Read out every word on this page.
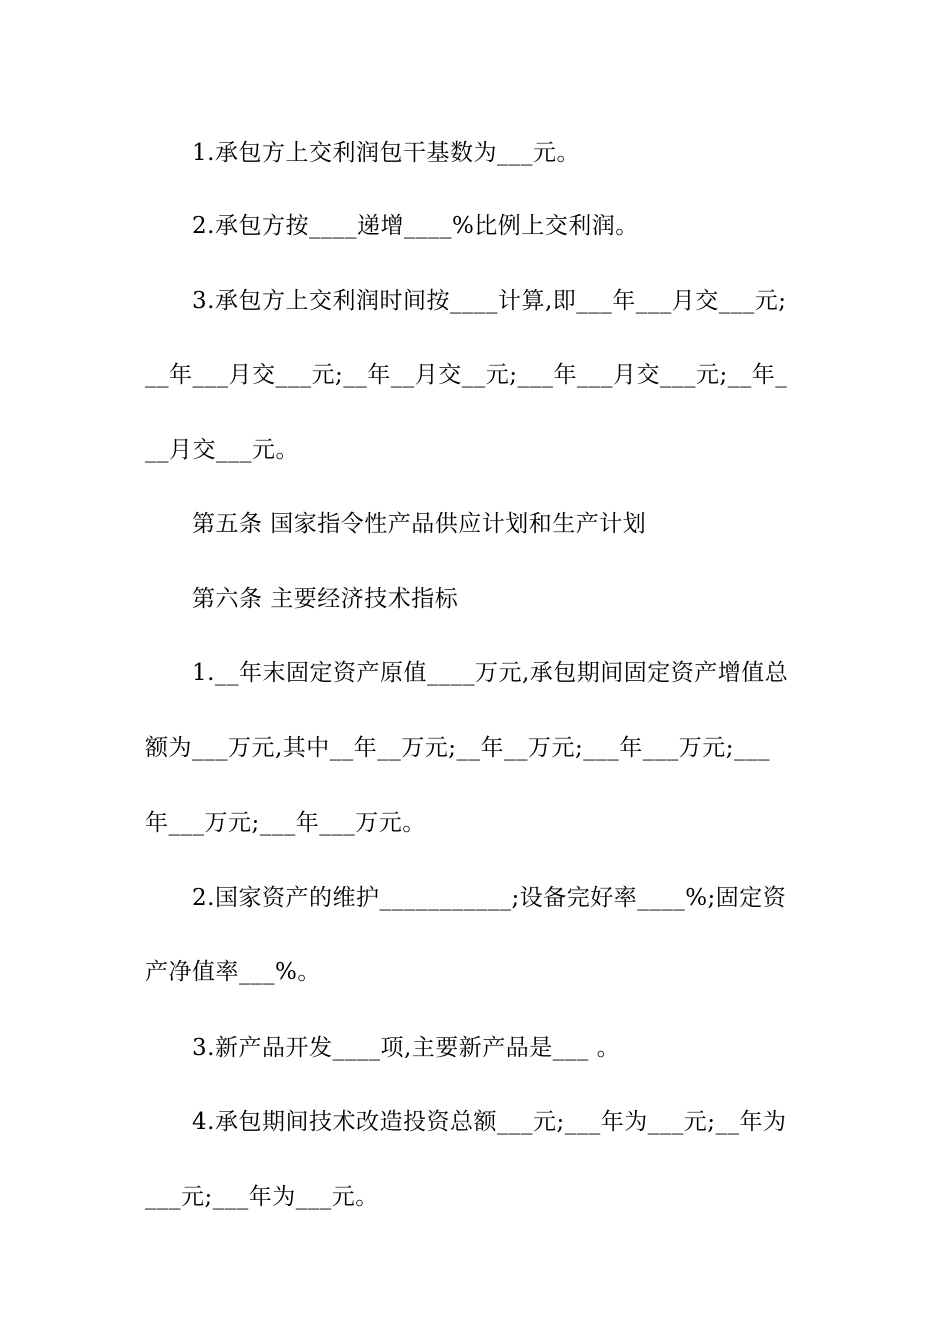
1.承包方上交利润包干基数为___元。
2.承包方按____递增____%比例上交利润。
3.承包方上交利润时间按____计算,即___年___月交___元;
__年___月交___元;__年__月交__元;___年___月交___元;__年_
__月交___元。
第五条 国家指令性产品供应计划和生产计划
第六条 主要经济技术指标
1.__年末固定资产原值____万元,承包期间固定资产增值总
额为___万元,其中__年__万元;__年__万元;___年___万元;___
年___万元;___年___万元。
2.国家资产的维护___________;设备完好率____%;固定资
产净值率___%。
3.新产品开发____项,主要新产品是___ 。
4.承包期间技术改造投资总额___元;___年为___元;__年为
___元;___年为___元。
